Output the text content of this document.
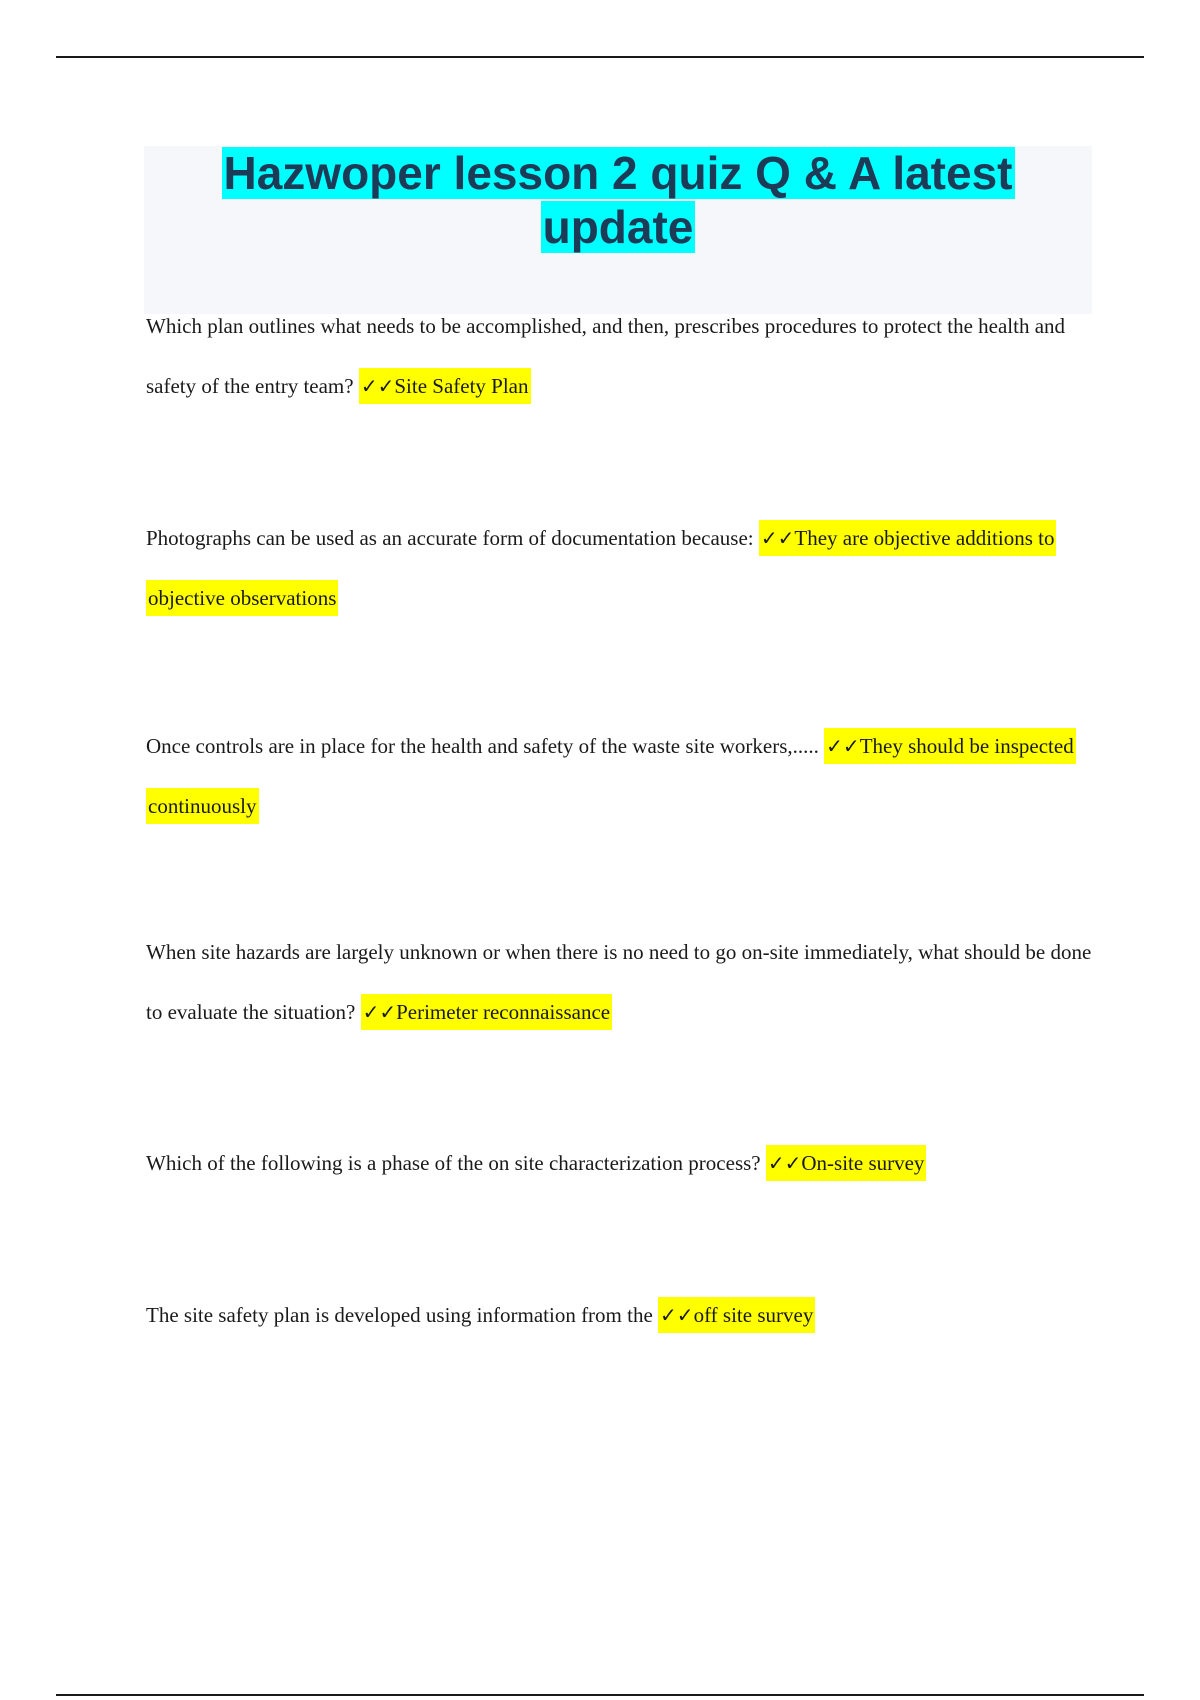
Hazwoper lesson 2 quiz Q & A latest update

Which plan outlines what needs to be accomplished, and then, prescribes procedures to protect the health and safety of the entry team? ✓✓Site Safety Plan

Photographs can be used as an accurate form of documentation because: ✓✓They are objective additions to objective observations

Once controls are in place for the health and safety of the waste site workers,..... ✓✓They should be inspected continuously

When site hazards are largely unknown or when there is no need to go on-site immediately, what should be done to evaluate the situation? ✓✓Perimeter reconnaissance

Which of the following is a phase of the on site characterization process? ✓✓On-site survey

The site safety plan is developed using information from the ✓✓off site survey
